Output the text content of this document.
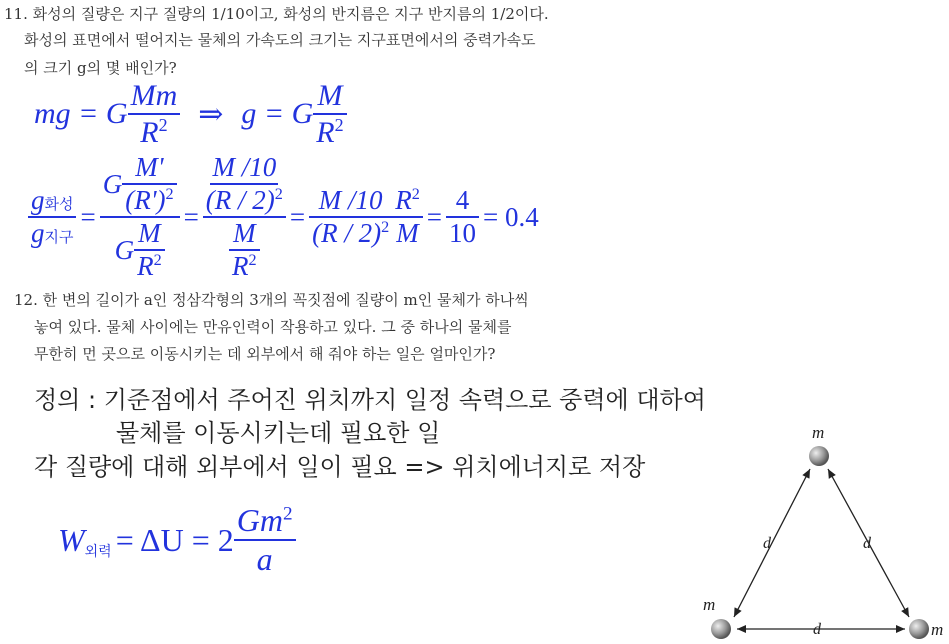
11. 화성의 질량은 지구 질량의 1/10이고, 화성의 반지름은 지구 반지름의 1/2이다.
화성의 표면에서 떨어지는 물체의 가속도의 크기는 지구표면에서의 중력가속도
의 크기 g의 몇 배인가?
mg = G $\frac{Mm}{R^2}$ ⇒ g = G $\frac{M}{R^2}$
$\frac{\text{g화성}}{\text{g지구}} = \frac{G \frac{M'}{(R')^2}}{G \frac{M}{R^2}} = M$ /10
(R / 2)$^2$
M
$R^2 = \frac{M /10}{(R / 2)^2} \frac{R^2}{M} = \frac{4}{10} = 0.4$
12. 한 변의 길이가 a인 정삼각형의 3개의 꼭짓점에 질량이 m인 물체가 하나씩
놓여 있다. 물체 사이에는 만유인력이 작용하고 있다. 그 중 하나의 물체를
무한히 먼 곳으로 이동시키는 데 외부에서 해 줘야 하는 일은 얼마인가?
정의 : 기준점에서 주어진 위치까지 일정 속력으로 중력에 대하여
물체를 이동시키는데 필요한 일
각 질량에 대해 외부에서 일이 필요 => 위치에너지로 저장
W 외력 = $\Delta U = 2 \frac{Gm^2}{a}$
m
m
m
d	d
d
